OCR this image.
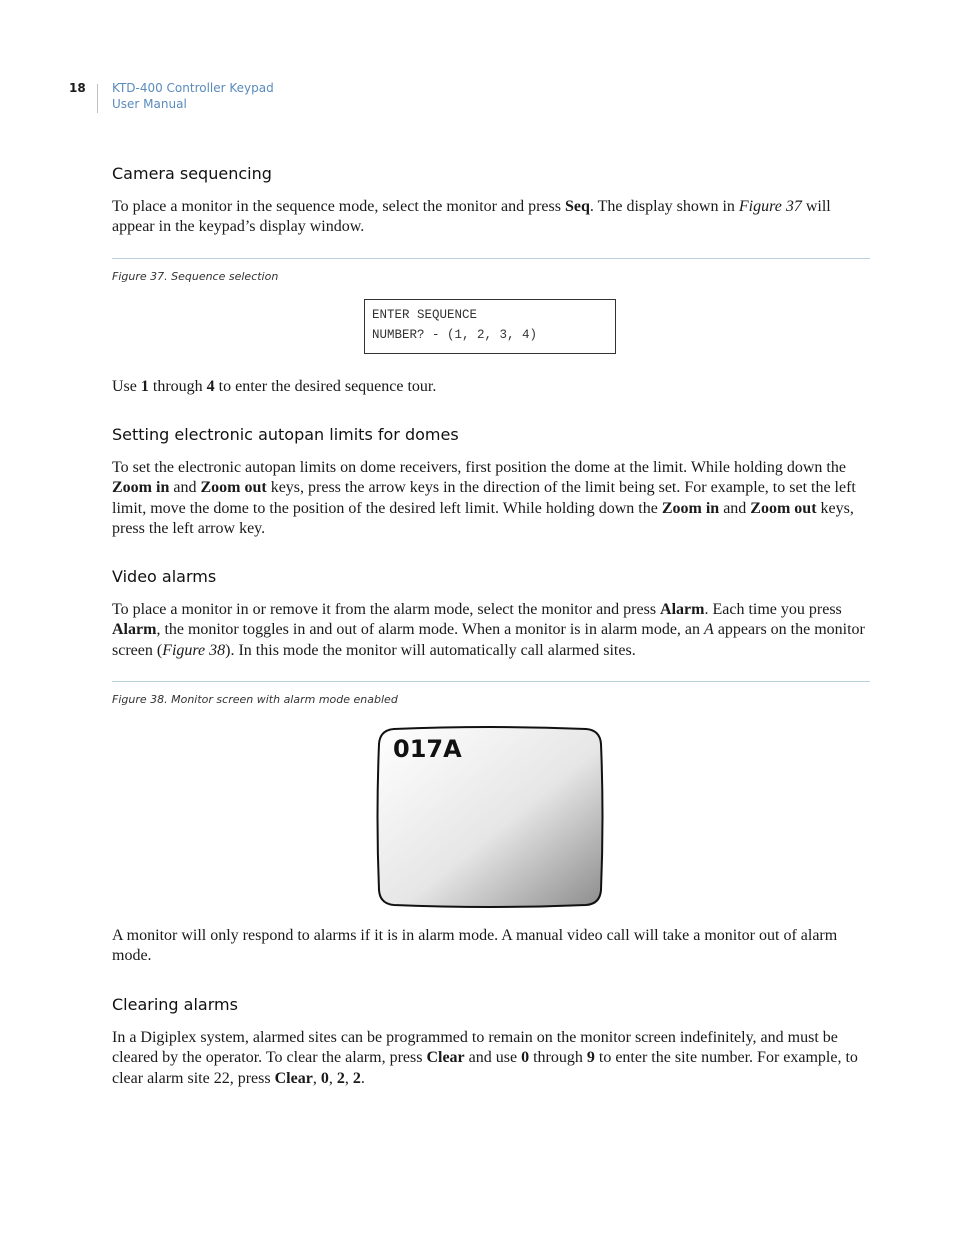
18 KTD-400 Controller Keypad
User Manual
Camera sequencing

To place a monitor in the sequence mode, select the monitor and press Seq. The display shown in Figure 37 will appear in the keypad’s display window.

Figure 37. Sequence selection
ENTER SEQUENCE
NUMBER? - (1, 2, 3, 4)

Use 1 through 4 to enter the desired sequence tour.

Setting electronic autopan limits for domes

To set the electronic autopan limits on dome receivers, first position the dome at the limit. While holding down the Zoom in and Zoom out keys, press the arrow keys in the direction of the limit being set. For example, to set the left limit, move the dome to the position of the desired left limit. While holding down the Zoom in and Zoom out keys, press the left arrow key.

Video alarms

To place a monitor in or remove it from the alarm mode, select the monitor and press Alarm. Each time you press Alarm, the monitor toggles in and out of alarm mode. When a monitor is in alarm mode, an A appears on the monitor screen (Figure 38). In this mode the monitor will automatically call alarmed sites.

Figure 38. Monitor screen with alarm mode enabled
017A

A monitor will only respond to alarms if it is in alarm mode. A manual video call will take a monitor out of alarm mode.

Clearing alarms

In a Digiplex system, alarmed sites can be programmed to remain on the monitor screen indefinitely, and must be cleared by the operator. To clear the alarm, press Clear and use 0 through 9 to enter the site number. For example, to clear alarm site 22, press Clear, 0, 2, 2.
